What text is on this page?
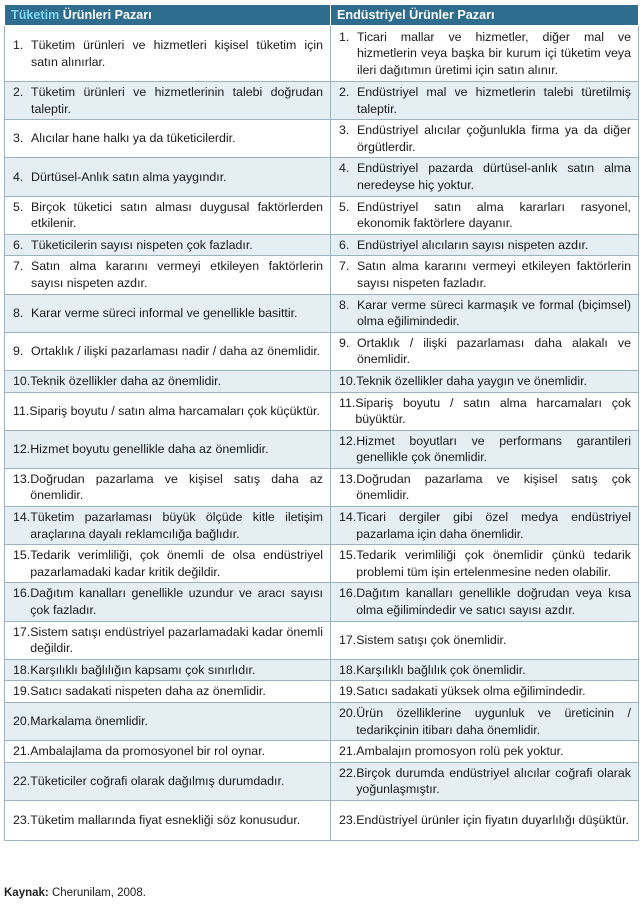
Tüketim Ürünleri Pazarı	Endüstriyel Ürünler Pazarı

1. Tüketim ürünleri ve hizmetleri kişisel tüketim için satın alınırlar.	1. Ticari mallar ve hizmetler, diğer mal ve hizmetlerin veya başka bir kurum içi tüketim veya ileri dağıtımın üretimi için satın alınır.

2. Tüketim ürünleri ve hizmetlerinin talebi doğrudan taleptir.	2. Endüstriyel mal ve hizmetlerin talebi türetilmiş taleptir.

3. Alıcılar hane halkı ya da tüketicilerdir.	3. Endüstriyel alıcılar çoğunlukla firma ya da diğer örgütlerdir.

4. Dürtüsel-Anlık satın alma yaygındır.	4. Endüstriyel pazarda dürtüsel-anlık satın alma neredeyse hiç yoktur.

5. Birçok tüketici satın alması duygusal faktörlerden etkilenir.	5. Endüstriyel satın alma kararları rasyonel, ekonomik faktörlere dayanır.

6. Tüketicilerin sayısı nispeten çok fazladır.	6. Endüstriyel alıcıların sayısı nispeten azdır.

7. Satın alma kararını vermeyi etkileyen faktörlerin sayısı nispeten azdır.	7. Satın alma kararını vermeyi etkileyen faktörlerin sayısı nispeten fazladır.

8. Karar verme süreci informal ve genellikle basittir.	8. Karar verme süreci karmaşık ve formal (biçimsel) olma eğilimindedir.

9. Ortaklık / ilişki pazarlaması nadir / daha az önemlidir.	9. Ortaklık / ilişki pazarlaması daha alakalı ve önemlidir.

10. Teknik özellikler daha az önemlidir.	10. Teknik özellikler daha yaygın ve önemlidir.

11. Sipariş boyutu / satın alma harcamaları çok küçüktür.	11. Sipariş boyutu / satın alma harcamaları çok büyüktür.

12. Hizmet boyutu genellikle daha az önemlidir.	12. Hizmet boyutları ve performans garantileri genellikle çok önemlidir.

13. Doğrudan pazarlama ve kişisel satış daha az önemlidir.	13. Doğrudan pazarlama ve kişisel satış çok önemlidir.

14. Tüketim pazarlaması büyük ölçüde kitle iletişim araçlarına dayalı reklamcılığa bağlıdır.	14. Ticari dergiler gibi özel medya endüstriyel pazarlama için daha önemlidir.

15. Tedarik verimliliği, çok önemli de olsa endüstriyel pazarlamadaki kadar kritik değildir.	15. Tedarik verimliliği çok önemlidir çünkü tedarik problemi tüm işin ertelenmesine neden olabilir.

16. Dağıtım kanalları genellikle uzundur ve aracı sayısı çok fazladır.	16. Dağıtım kanalları genellikle doğrudan veya kısa olma eğilimindedir ve satıcı sayısı azdır.

17. Sistem satışı endüstriyel pazarlamadaki kadar önemli değildir.	17. Sistem satışı çok önemlidir.

18. Karşılıklı bağlılığın kapsamı çok sınırlıdır.	18. Karşılıklı bağlılık çok önemlidir.

19. Satıcı sadakati nispeten daha az önemlidir.	19. Satıcı sadakati yüksek olma eğilimindedir.

20. Markalama önemlidir.	20. Ürün özelliklerine uygunluk ve üreticinin / tedarikçinin itibarı daha önemlidir.

21. Ambalajlama da promosyonel bir rol oynar.	21. Ambalajın promosyon rolü pek yoktur.

22. Tüketiciler coğrafi olarak dağılmış durumdadır.	22. Birçok durumda endüstriyel alıcılar coğrafi olarak yoğunlaşmıştır.

23. Tüketim mallarında fiyat esnekliği söz konusudur.	23. Endüstriyel ürünler için fiyatın duyarlılığı düşüktür.
Kaynak: Cherunilam, 2008.
